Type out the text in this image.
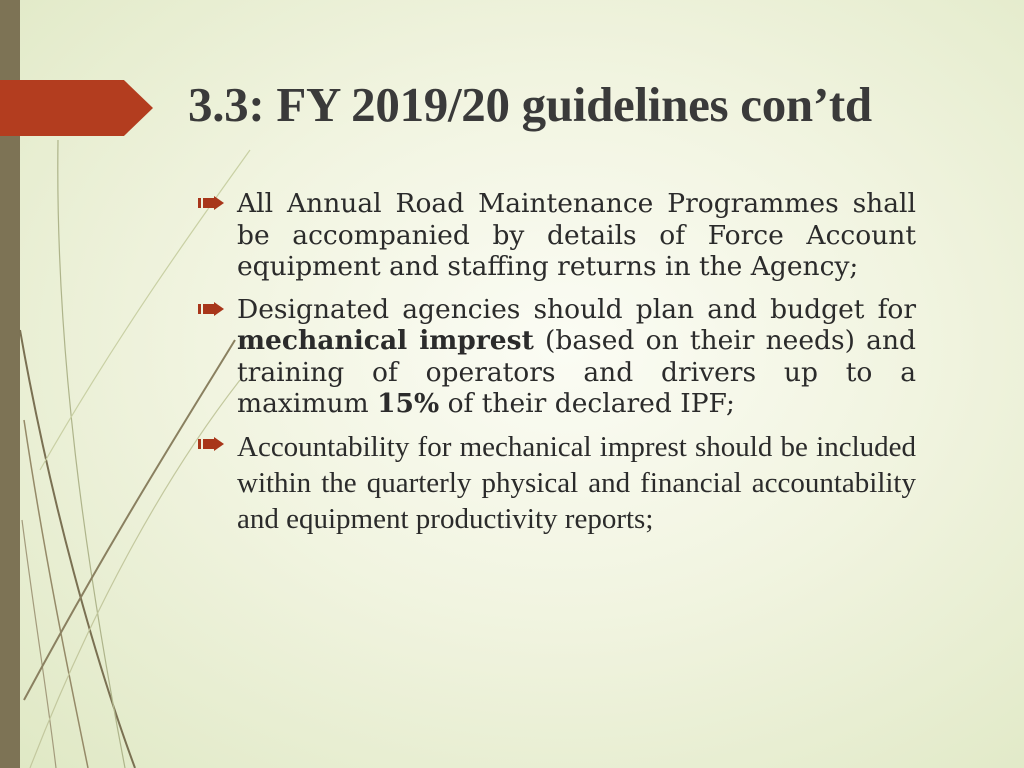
3.3: FY 2019/20 guidelines con’td
All Annual Road Maintenance Programmes shall be accompanied by details of Force Account equipment and staffing returns in the Agency;
Designated agencies should plan and budget for mechanical imprest (based on their needs) and training of operators and drivers up to a maximum 15% of their declared IPF;
Accountability for mechanical imprest should be included within the quarterly physical and financial accountability and equipment productivity reports;
